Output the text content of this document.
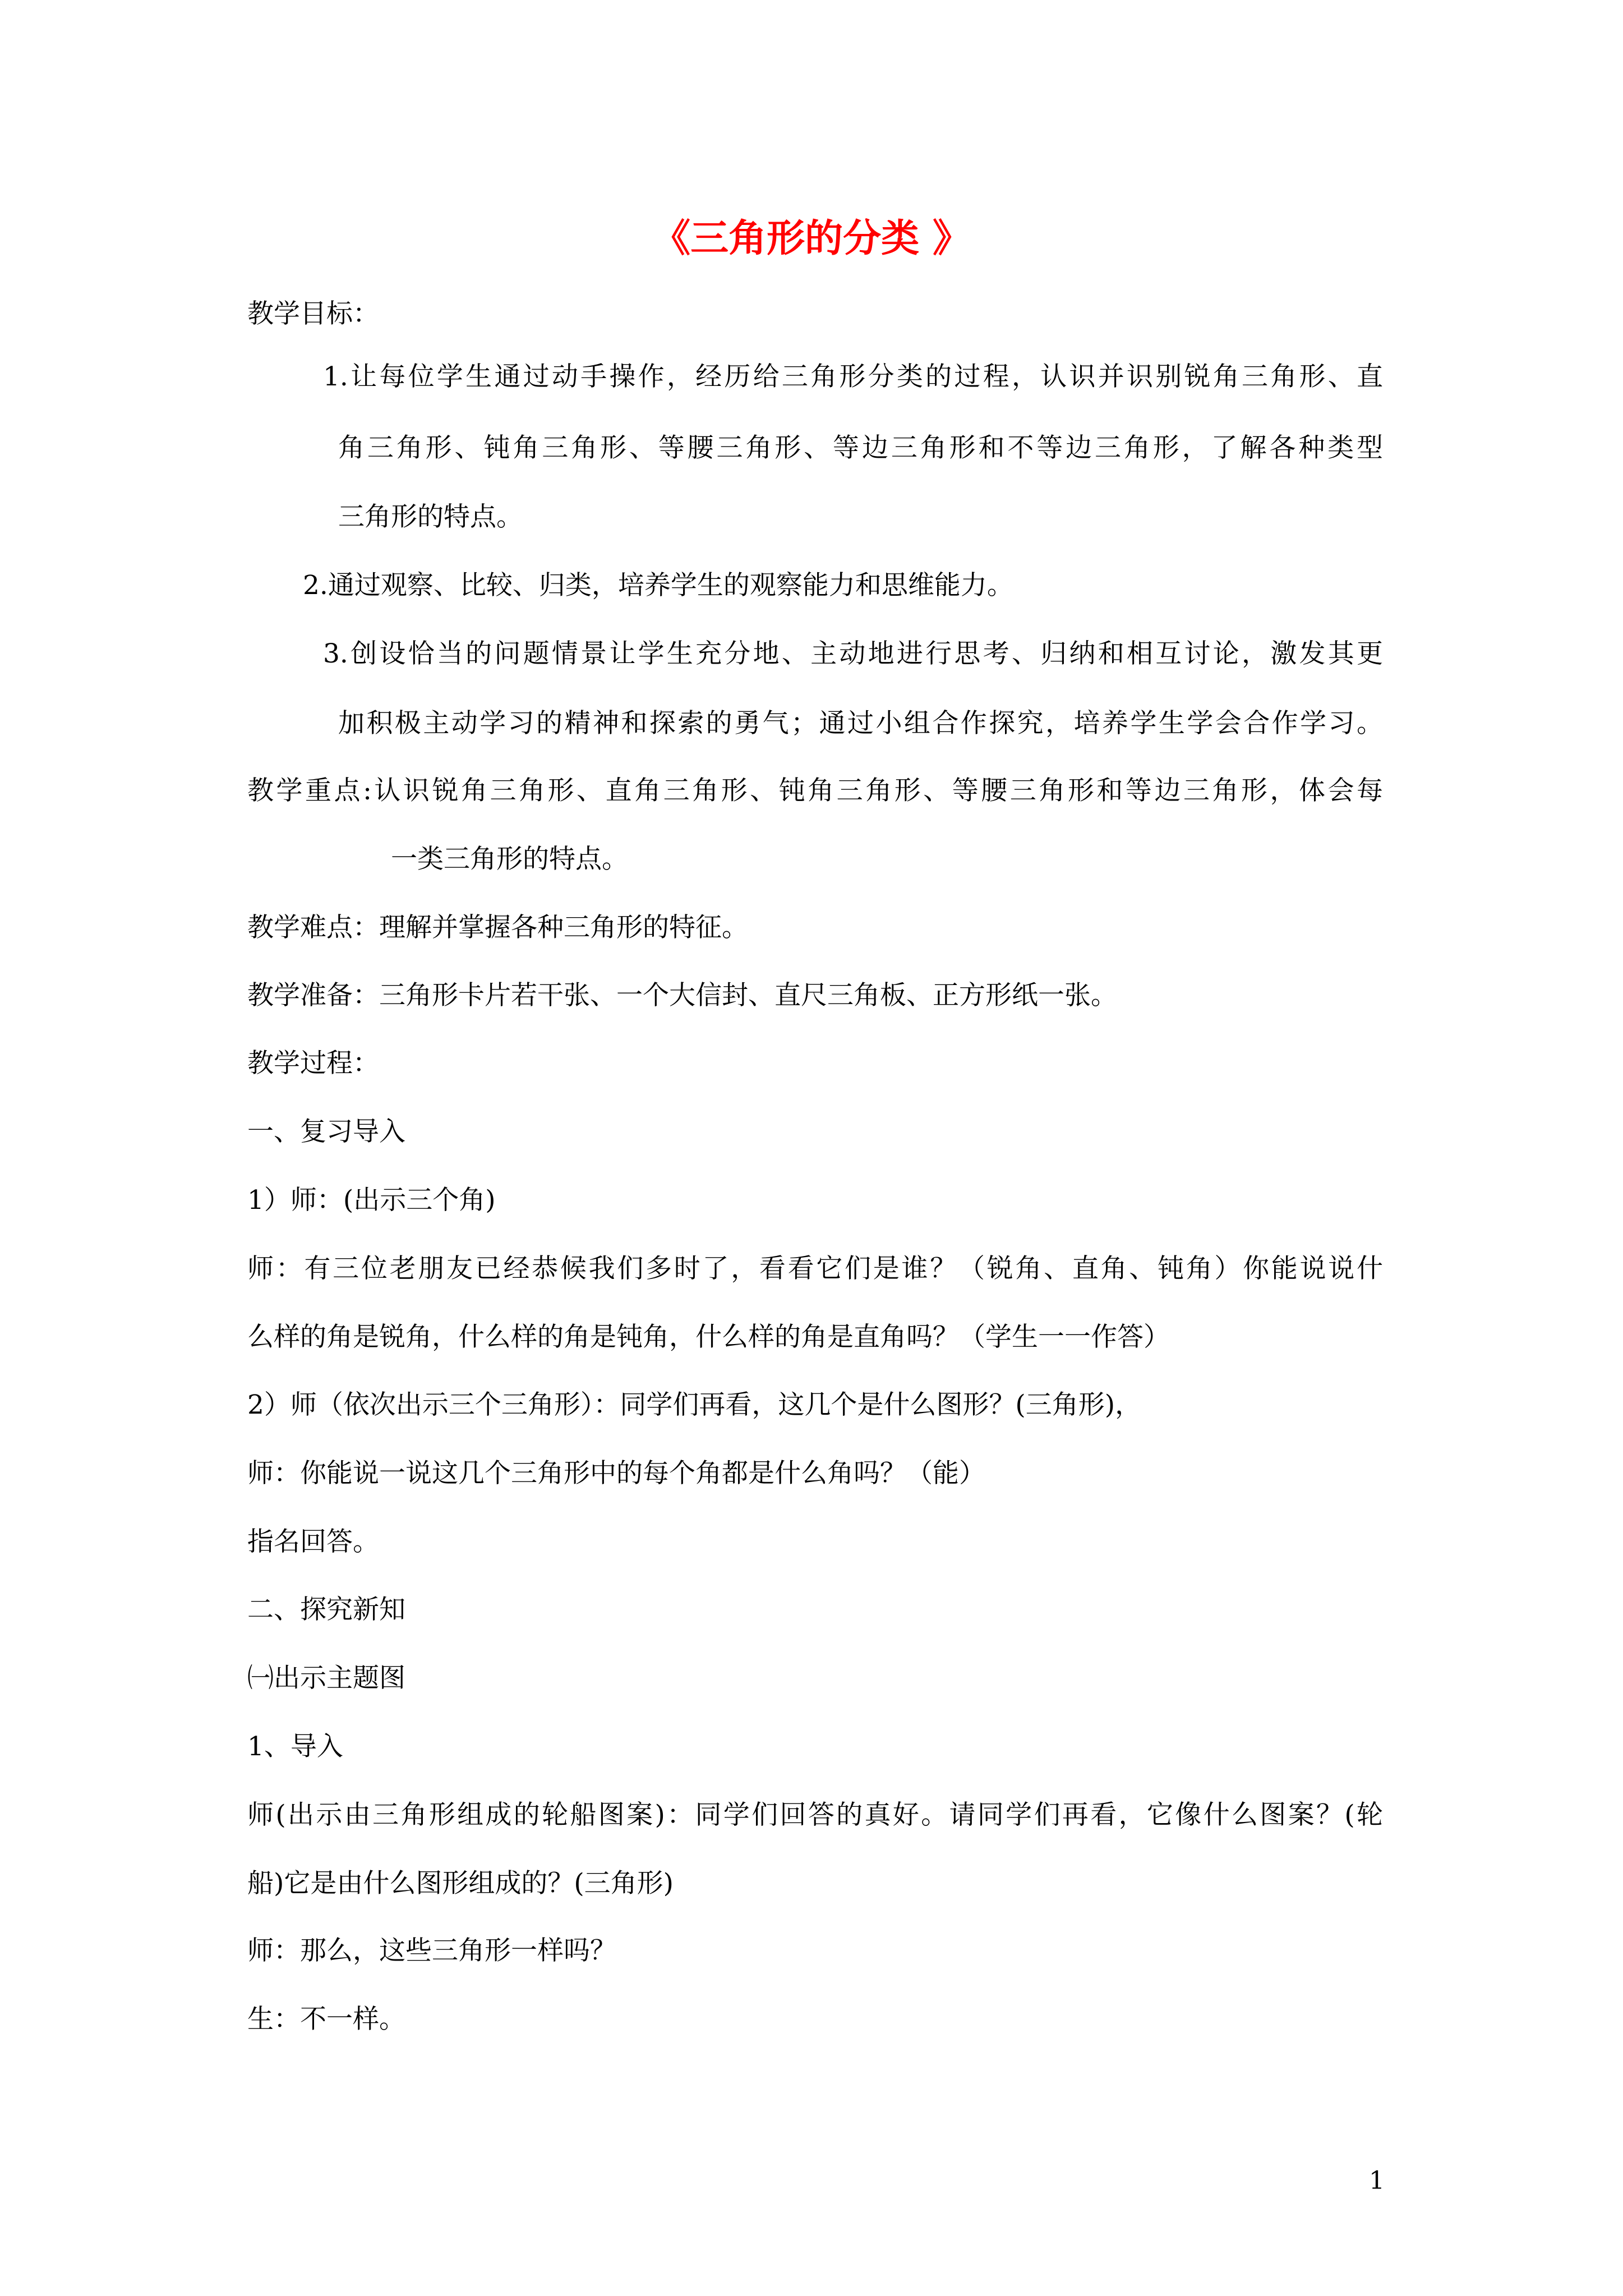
《三角形的分类 》
教学目标：
1.让每位学生通过动手操作，经历给三角形分类的过程，认识并识别锐角三角形、直
角三角形、钝角三角形、等腰三角形、等边三角形和不等边三角形，了解各种类型
三角形的特点。
2.通过观察、比较、归类，培养学生的观察能力和思维能力。
3.创设恰当的问题情景让学生充分地、主动地进行思考、归纳和相互讨论，激发其更
加积极主动学习的精神和探索的勇气；通过小组合作探究，培养学生学会合作学习。
教学重点:认识锐角三角形、直角三角形、钝角三角形、等腰三角形和等边三角形，体会每
一类三角形的特点。
教学难点：理解并掌握各种三角形的特征。
教学准备：三角形卡片若干张、一个大信封、直尺三角板、正方形纸一张。
教学过程：
一、复习导入
1）师：(出示三个角)
师：有三位老朋友已经恭候我们多时了，看看它们是谁？（锐角、直角、钝角）你能说说什
么样的角是锐角，什么样的角是钝角，什么样的角是直角吗？（学生一一作答）
2）师（依次出示三个三角形）：同学们再看，这几个是什么图形？(三角形)，
师：你能说一说这几个三角形中的每个角都是什么角吗？（能）
指名回答。
二、探究新知
㈠出示主题图
1、导入
师(出示由三角形组成的轮船图案)：同学们回答的真好。请同学们再看，它像什么图案？(轮
船)它是由什么图形组成的？(三角形)
师：那么，这些三角形一样吗？
生：不一样。
1
